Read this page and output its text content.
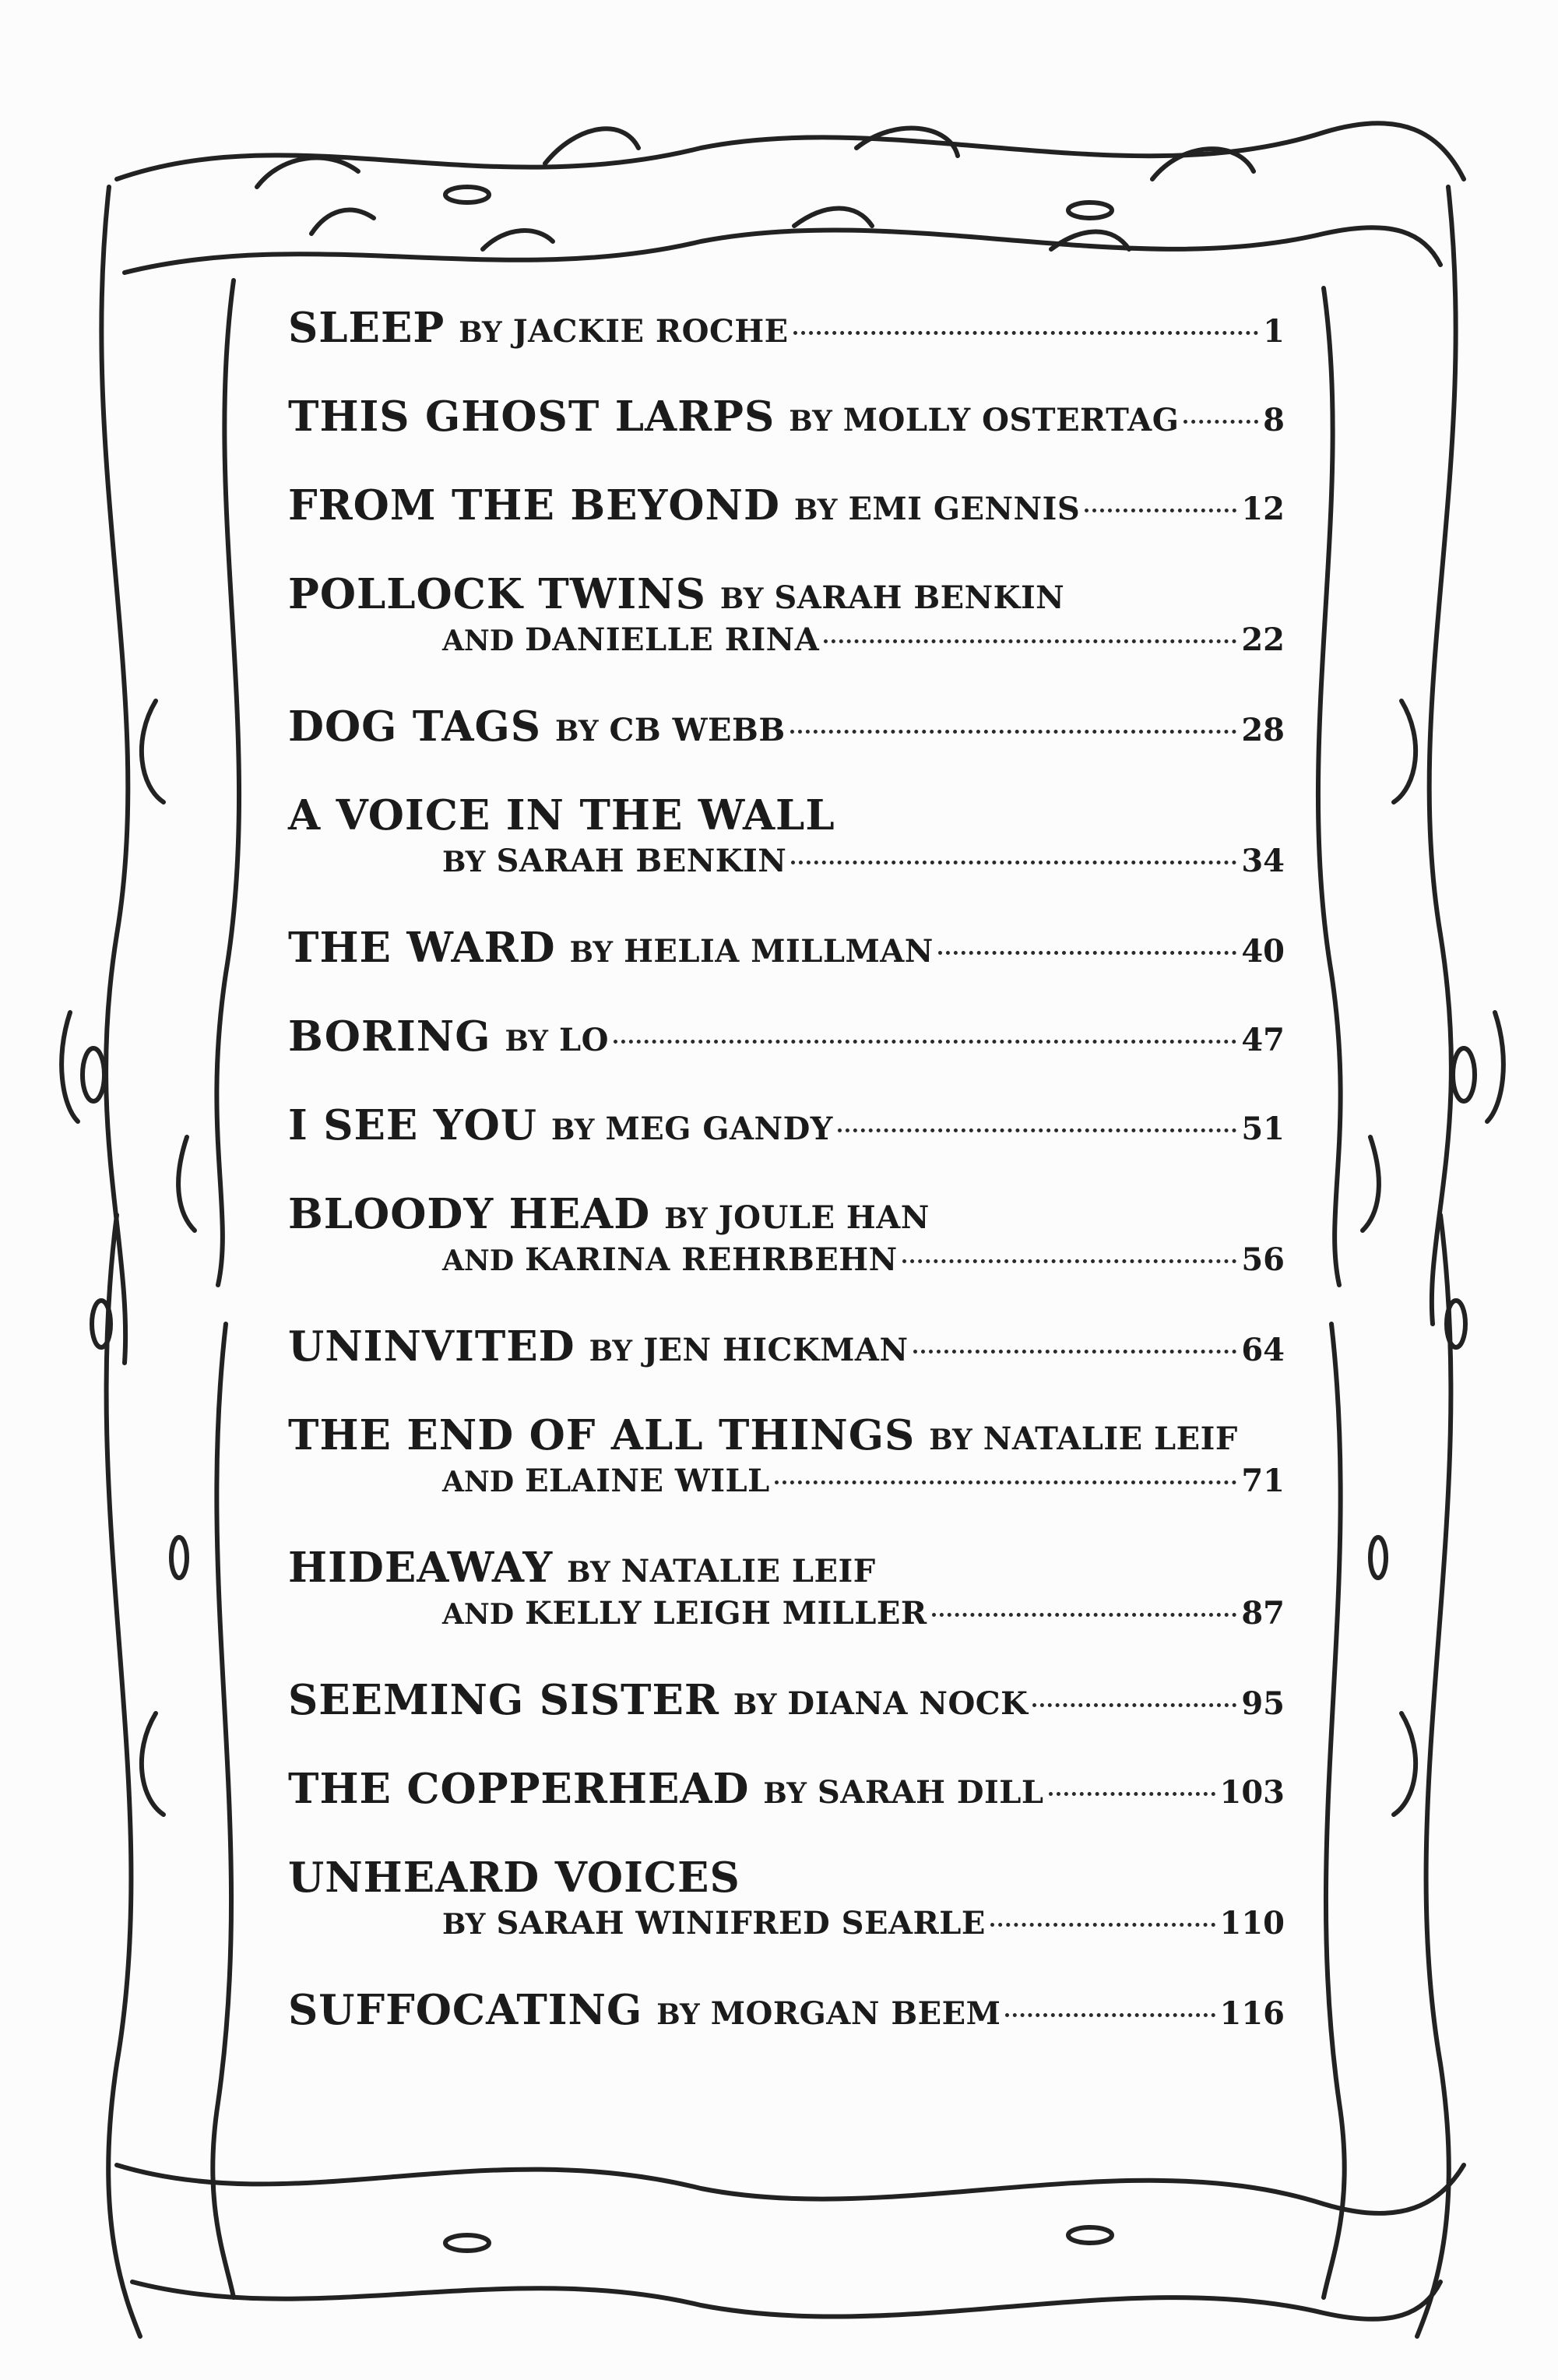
SLEEP BY JACKIE ROCHE	1
THIS GHOST LARPS BY MOLLY OSTERTAG	8
FROM THE BEYOND BY EMI GENNIS	12
POLLOCK TWINS BY SARAH BENKIN
AND DANIELLE RINA	22
DOG TAGS BY CB WEBB	28
A VOICE IN THE WALL
BY SARAH BENKIN	34
THE WARD BY HELIA MILLMAN	40
BORING BY LO	47
I SEE YOU BY MEG GANDY	51
BLOODY HEAD BY JOULE HAN
AND KARINA REHRBEHN	56
UNINVITED BY JEN HICKMAN	64
THE END OF ALL THINGS BY NATALIE LEIF
AND ELAINE WILL	71
HIDEAWAY BY NATALIE LEIF
AND KELLY LEIGH MILLER	87
SEEMING SISTER BY DIANA NOCK	95
THE COPPERHEAD BY SARAH DILL	103
UNHEARD VOICES
BY SARAH WINIFRED SEARLE	110
SUFFOCATING BY MORGAN BEEM	116
